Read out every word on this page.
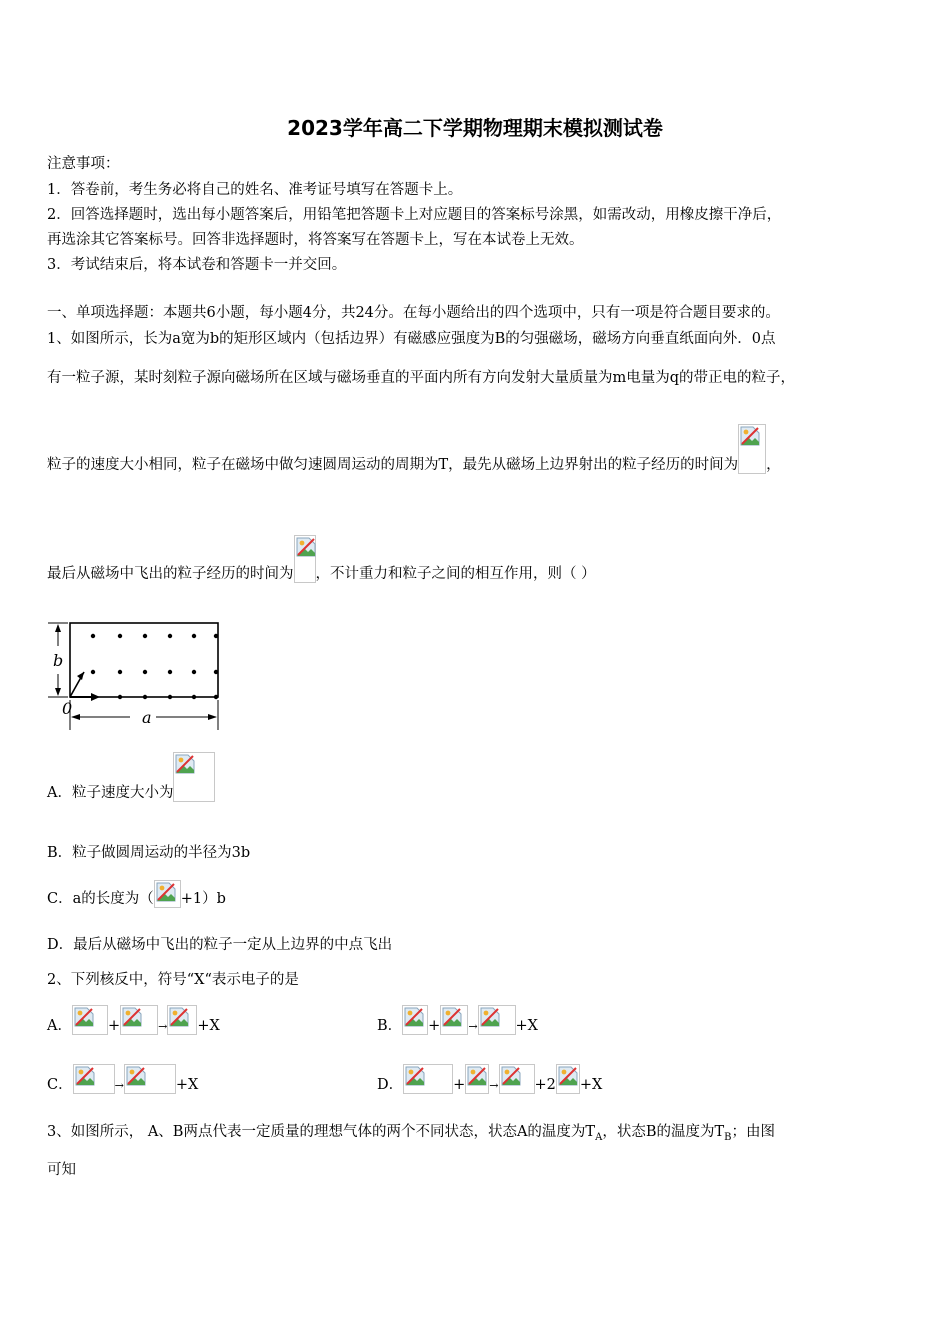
2023学年高二下学期物理期末模拟测试卷
注意事项：
1．答卷前，考生务必将自己的姓名、准考证号填写在答题卡上。
2．回答选择题时，选出每小题答案后，用铅笔把答题卡上对应题目的答案标号涂黑，如需改动，用橡皮擦干净后，
再选涂其它答案标号。回答非选择题时，将答案写在答题卡上，写在本试卷上无效。
3．考试结束后，将本试卷和答题卡一并交回。
一、单项选择题：本题共6小题，每小题4分，共24分。在每小题给出的四个选项中，只有一项是符合题目要求的。
1、如图所示，长为a宽为b的矩形区域内（包括边界）有磁感应强度为B的匀强磁场，磁场方向垂直纸面向外．0点
有一粒子源，某时刻粒子源向磁场所在区域与磁场垂直的平面内所有方向发射大量质量为m电量为q的带正电的粒子，
粒子的速度大小相同，粒子在磁场中做匀速圆周运动的周期为T，最先从磁场上边界射出的粒子经历的时间为 ，
最后从磁场中飞出的粒子经历的时间为 ，不计重力和粒子之间的相互作用，则（ ）
b
a
0
A．粒子速度大小为
B．粒子做圆周运动的半径为3b
C．a的长度为（ +1）b
D．最后从磁场中飞出的粒子一定从上边界的中点飞出
2、下列核反中，符号“X“表示电子的是
A． +	→ +X	B． +	→	+X
C．	→	+X	D．	+ → +2 +X
3、如图所示， A、B两点代表一定质量的理想气体的两个不同状态，状态A的温度为$T_A$，状态B的温度为$T_B$；由图
可知
